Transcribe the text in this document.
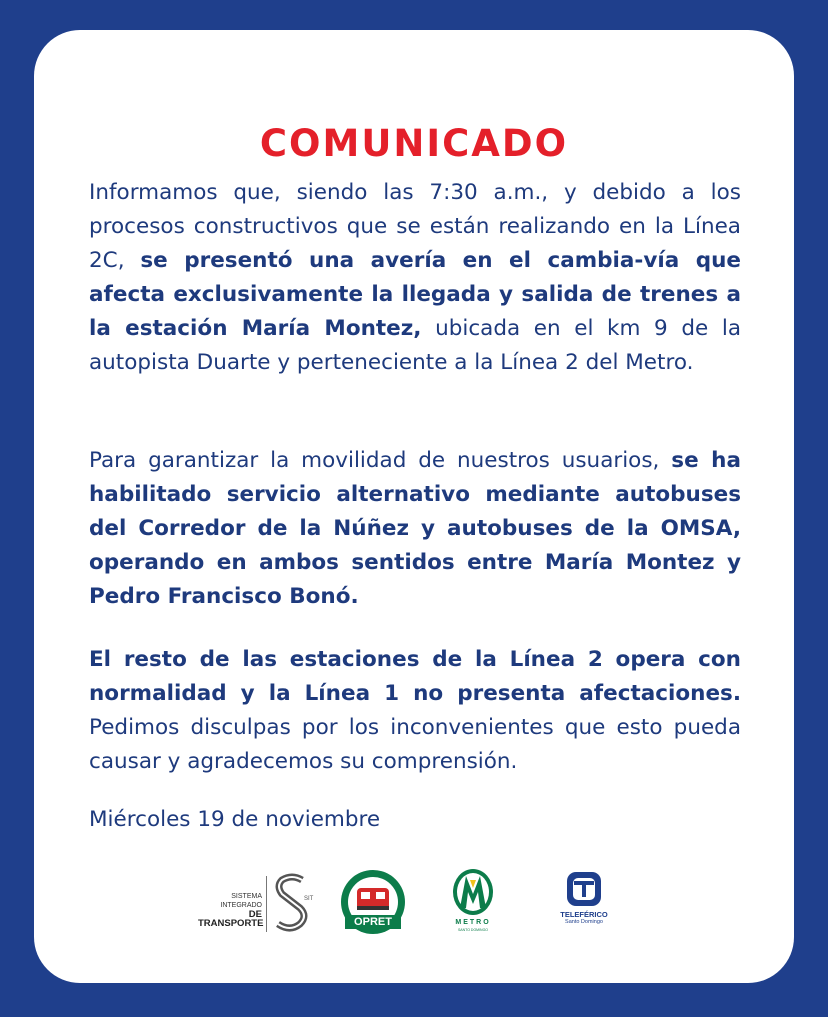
COMUNICADO

Informamos que, siendo las 7:30 a.m., y debido a los procesos constructivos que se están realizando en la Línea 2C, se presentó una avería en el cambia-vía que afecta exclusivamente la llegada y salida de trenes a la estación María Montez, ubicada en el km 9 de la autopista Duarte y perteneciente a la Línea 2 del Metro.

Para garantizar la movilidad de nuestros usuarios, se ha habilitado servicio alternativo mediante autobuses del Corredor de la Núñez y autobuses de la OMSA, operando en ambos sentidos entre María Montez y Pedro Francisco Bonó.

El resto de las estaciones de la Línea 2 opera con normalidad y la Línea 1 no presenta afectaciones. Pedimos disculpas por los inconvenientes que esto pueda causar y agradecemos su comprensión.

Miércoles 19 de noviembre

SISTEMA INTEGRADO
DE TRANSPORTE
SIT
OPRET	METRO
SANTO DOMINGO
TELEFÉRICO
Santo Domingo
